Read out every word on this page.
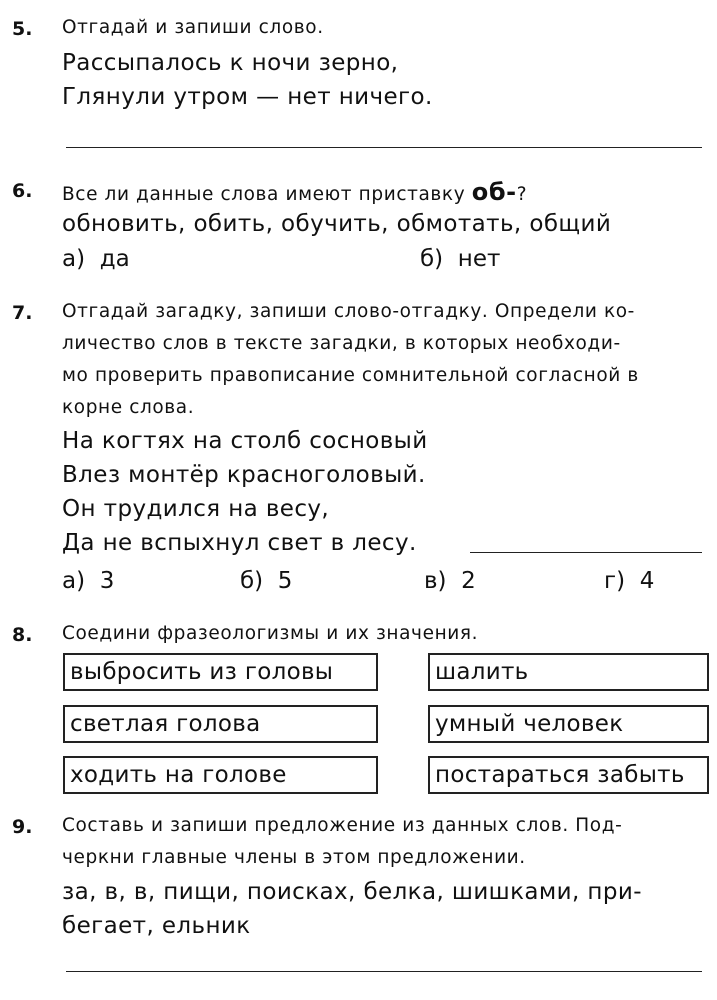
5. Отгадай и запиши слово.
Рассыпалось к ночи зерно,
Глянули утром — нет ничего.
6. Все ли данные слова имеют приставку об-?
обновить, обить, обучить, обмотать, общий
а) да	б) нет
7. Отгадай загадку, запиши слово-отгадку. Определи ко-
личество слов в тексте загадки, в которых необходи-
мо проверить правописание сомнительной согласной в
корне слова.
На когтях на столб сосновый
Влез монтёр красноголовый.
Он трудился на весу,
Да не вспыхнул свет в лесу.
а) 3	б) 5	в) 2	г) 4
8. Соедини фразеологизмы и их значения.
выбросить из головы
светлая голова
ходить на голове
шалить
умный человек
постараться забыть
9. Составь и запиши предложение из данных слов. Под-
черкни главные члены в этом предложении.
за, в, в, пищи, поисках, белка, шишками, при-
бегает, ельник
